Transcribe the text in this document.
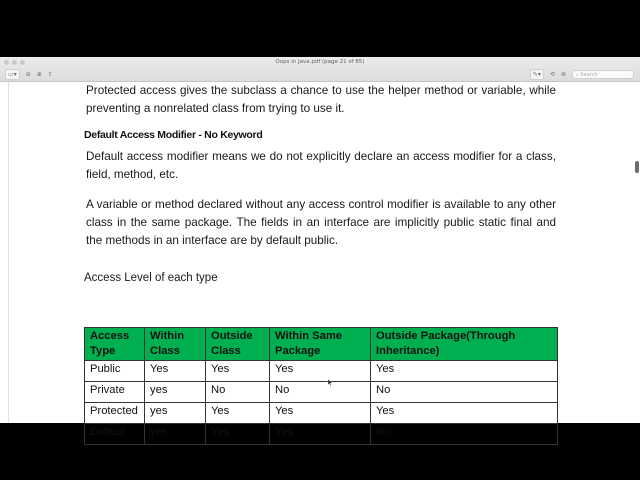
Oops in Java.pdf (page 21 of 85)
▭▾	⊖ ⊕ ⇧	✎▾	⟲ ⊚	⌕ Search
Protected access gives the subclass a chance to use the helper method or variable, while preventing a nonrelated class from trying to use it.
Default Access Modifier - No Keyword
Default access modifier means we do not explicitly declare an access modifier for a class, field, method, etc.
A variable or method declared without any access control modifier is available to any other class in the same package. The fields in an interface are implicitly public static final and the methods in an interface are by default public.
Access Level of each type
Access Type	Within Class	Outside Class	Within Same Package	Outside Package(Through Inheritance)
Public	Yes	Yes	Yes	Yes
Private	yes	No	No	No
Protected	yes	Yes	Yes	Yes
Default	yes	Yes	Yes	No
